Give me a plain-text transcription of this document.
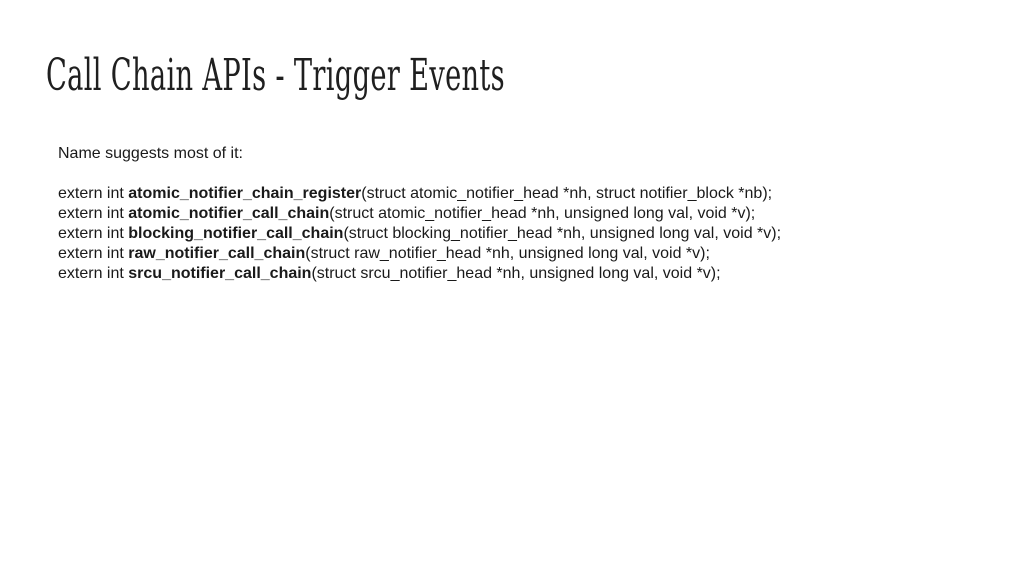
Call Chain APIs - Trigger Events

Name suggests most of it:

extern int atomic_notifier_chain_register(struct atomic_notifier_head *nh, struct notifier_block *nb);
extern int atomic_notifier_call_chain(struct atomic_notifier_head *nh, unsigned long val, void *v);
extern int blocking_notifier_call_chain(struct blocking_notifier_head *nh, unsigned long val, void *v);
extern int raw_notifier_call_chain(struct raw_notifier_head *nh, unsigned long val, void *v);
extern int srcu_notifier_call_chain(struct srcu_notifier_head *nh, unsigned long val, void *v);
